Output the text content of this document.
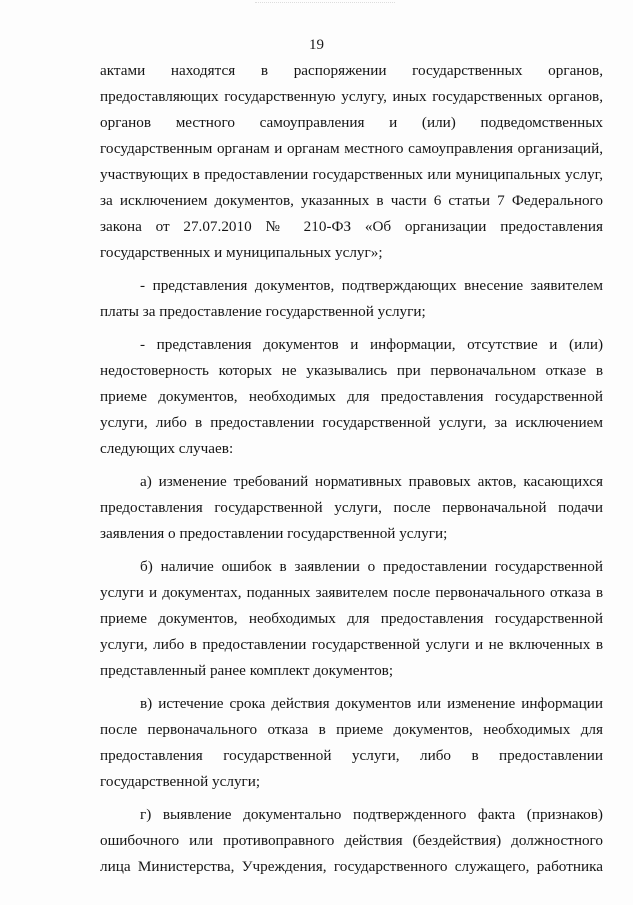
19

актами находятся в распоряжении государственных органов, предоставляющих государственную услугу, иных государственных органов, органов местного самоуправления и (или) подведомственных государственным органам и органам местного самоуправления организаций, участвующих в предоставлении государственных или муниципальных услуг, за исключением документов, указанных в части 6 статьи 7 Федерального закона от 27.07.2010 № 210-ФЗ «Об организации предоставления государственных и муниципальных услуг»;

- представления документов, подтверждающих внесение заявителем платы за предоставление государственной услуги;

- представления документов и информации, отсутствие и (или) недостоверность которых не указывались при первоначальном отказе в приеме документов, необходимых для предоставления государственной услуги, либо в предоставлении государственной услуги, за исключением следующих случаев:

а) изменение требований нормативных правовых актов, касающихся предоставления государственной услуги, после первоначальной подачи заявления о предоставлении государственной услуги;

б) наличие ошибок в заявлении о предоставлении государственной услуги и документах, поданных заявителем после первоначального отказа в приеме документов, необходимых для предоставления государственной услуги, либо в предоставлении государственной услуги и не включенных в представленный ранее комплект документов;

в) истечение срока действия документов или изменение информации после первоначального отказа в приеме документов, необходимых для предоставления государственной услуги, либо в предоставлении государственной услуги;

г) выявление документально подтвержденного факта (признаков) ошибочного или противоправного действия (бездействия) должностного лица Министерства, Учреждения, государственного служащего, работника
